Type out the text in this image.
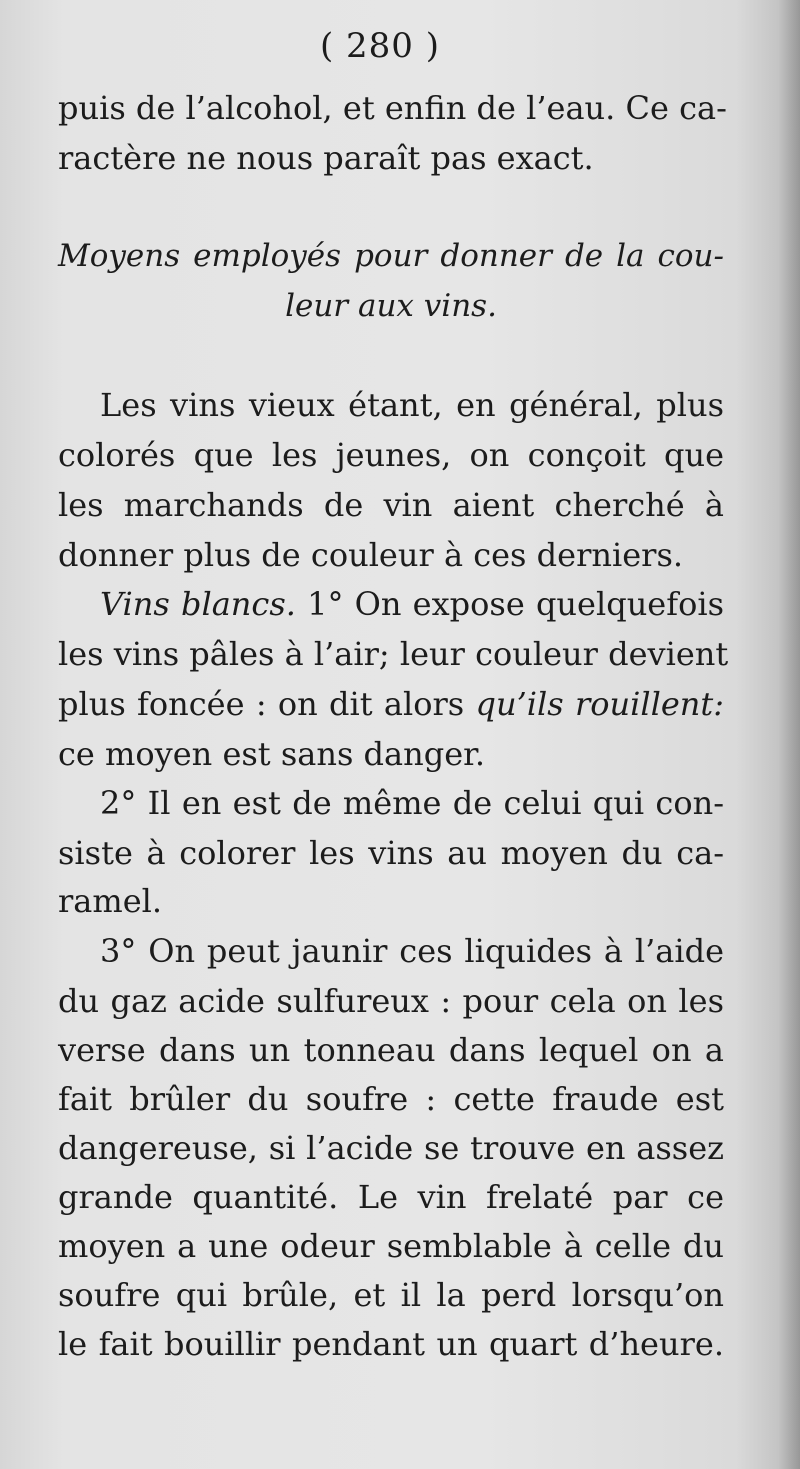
( 280 )
puis de l’alcohol, et enfin de l’eau. Ce ca-
ractère ne nous paraît pas exact.
Moyens employés pour donner de la cou-
leur aux vins.
Les vins vieux étant, en général, plus
colorés que les jeunes, on conçoit que
les marchands de vin aient cherché à
donner plus de couleur à ces derniers.
Vins blancs. 1° On expose quelquefois
les vins pâles à l’air; leur couleur devient
plus foncée : on dit alors qu’ils rouillent:
ce moyen est sans danger.
2° Il en est de même de celui qui con-
siste à colorer les vins au moyen du ca-
ramel.
3° On peut jaunir ces liquides à l’aide
du gaz acide sulfureux : pour cela on les
verse dans un tonneau dans lequel on a
fait brûler du soufre : cette fraude est
dangereuse, si l’acide se trouve en assez
grande quantité. Le vin frelaté par ce
moyen a une odeur semblable à celle du
soufre qui brûle, et il la perd lorsqu’on
le fait bouillir pendant un quart d’heure.
